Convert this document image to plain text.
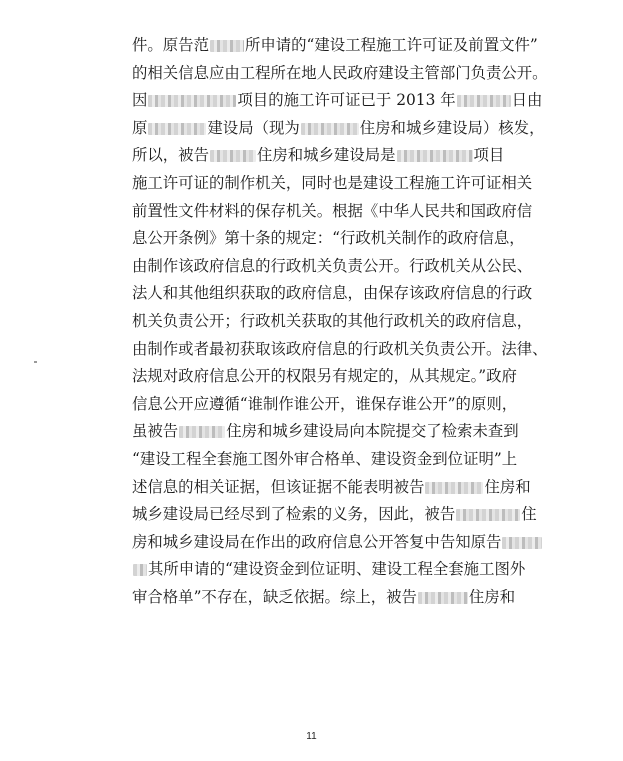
件。原告范 所申请的“建设工程施工许可证及前置文件”
的相关信息应由工程所在地人民政府建设主管部门负责公开。
因	项目的施工许可证已于 2013 年	日由
原	建设局（现为	住房和城乡建设局）核发，
所以，被告	住房和城乡建设局是	项目
施工许可证的制作机关，同时也是建设工程施工许可证相关
前置性文件材料的保存机关。根据《中华人民共和国政府信
息公开条例》第十条的规定：“行政机关制作的政府信息，
由制作该政府信息的行政机关负责公开。行政机关从公民、
法人和其他组织获取的政府信息，由保存该政府信息的行政
机关负责公开；行政机关获取的其他行政机关的政府信息，
由制作或者最初获取该政府信息的行政机关负责公开。法律、
法规对政府信息公开的权限另有规定的，从其规定。”政府
信息公开应遵循“谁制作谁公开，谁保存谁公开”的原则，
虽被告	住房和城乡建设局向本院提交了检索未查到
“建设工程全套施工图外审合格单、建设资金到位证明”上
述信息的相关证据，但该证据不能表明被告	住房和
城乡建设局已经尽到了检索的义务，因此，被告	住
房和城乡建设局在作出的政府信息公开答复中告知原告
其所申请的“建设资金到位证明、建设工程全套施工图外
审合格单”不存在，缺乏依据。综上，被告	住房和
11
